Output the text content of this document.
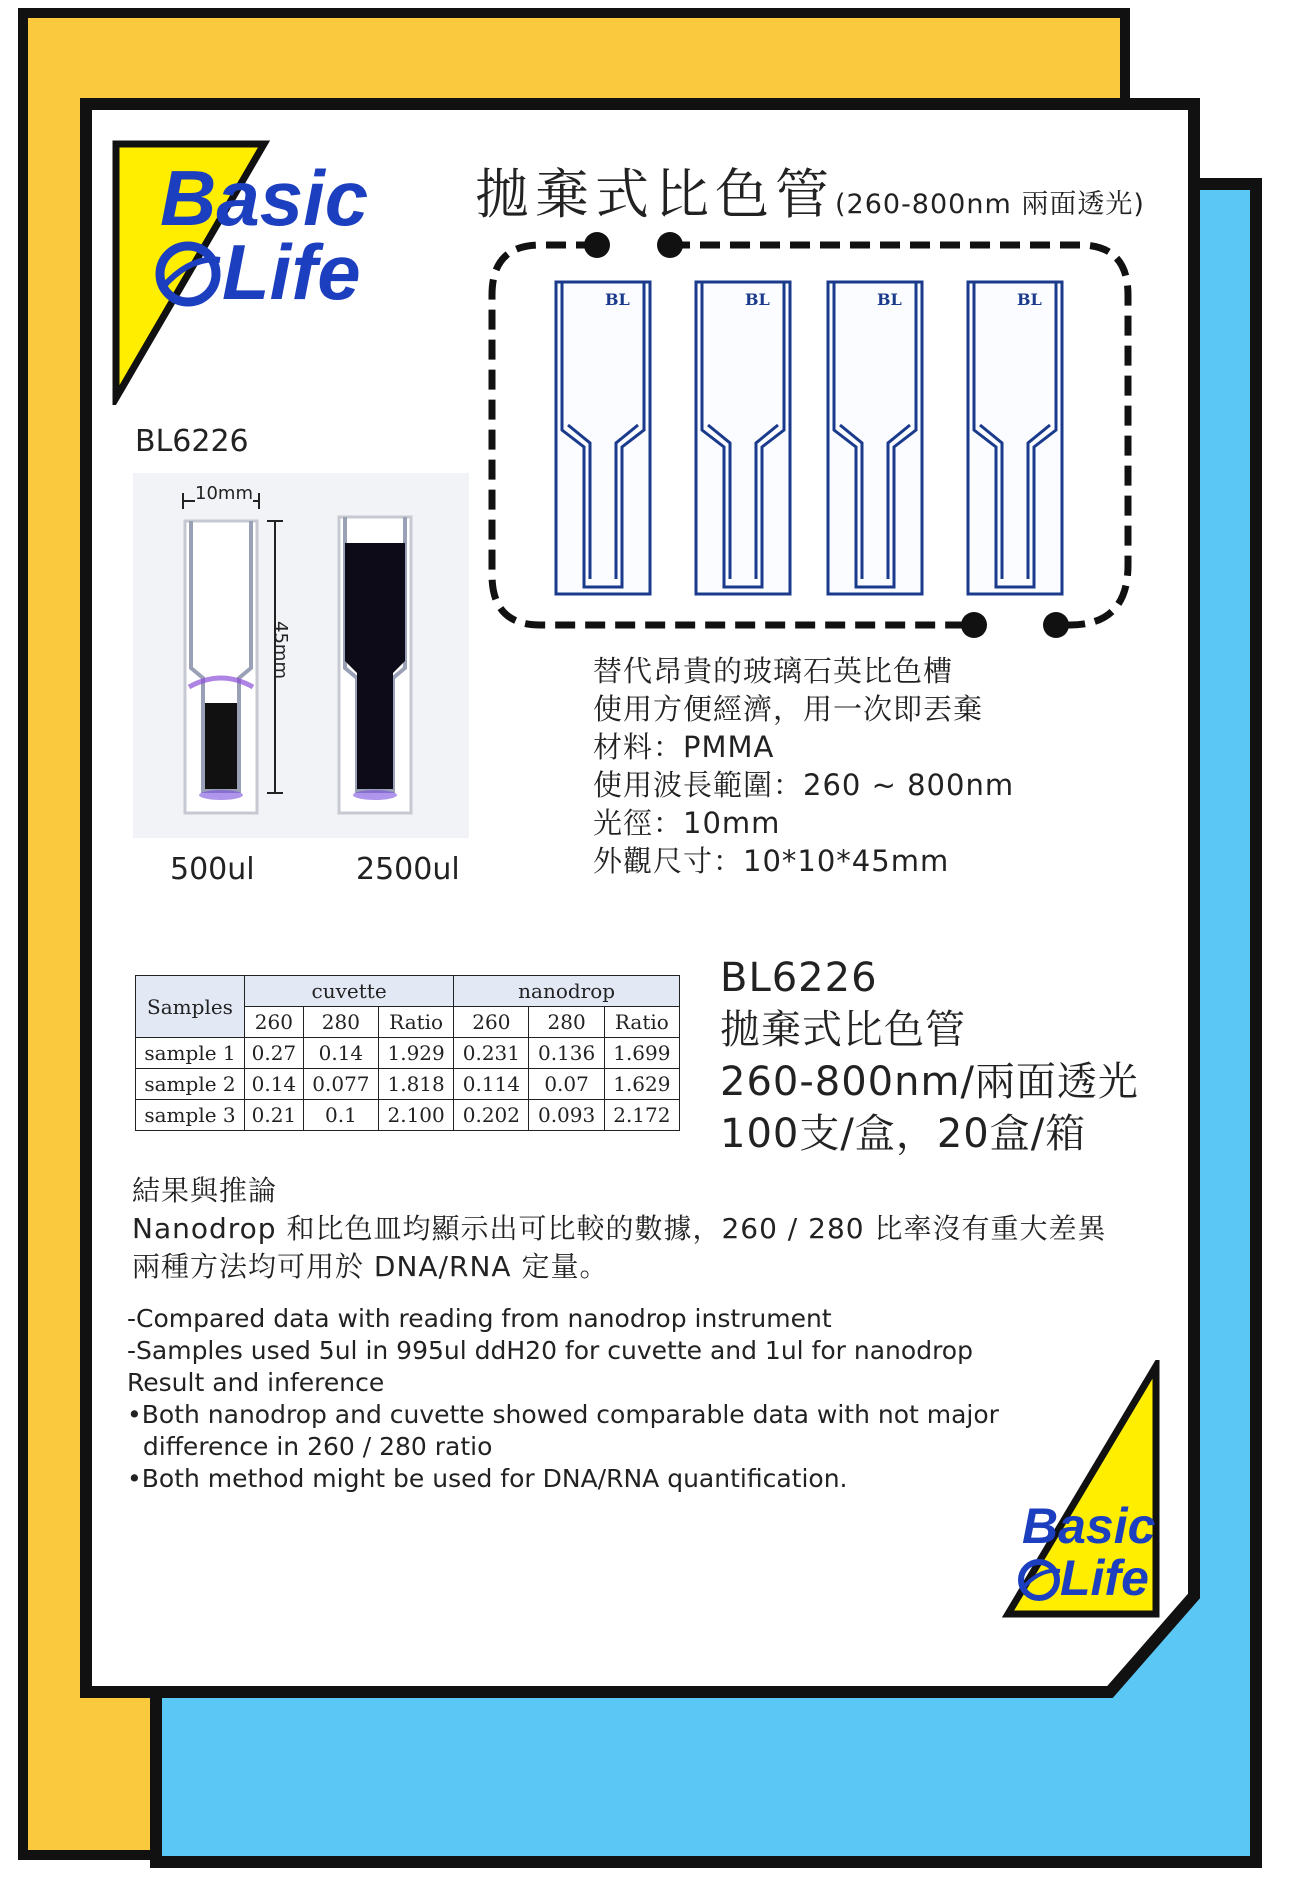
Basic
Life
拋棄式比色管(260-800nm 兩面透光)
BL6226
10mm
45mm
500ul	2500ul
BL	BL	BL	BL
替代昂貴的玻璃石英比色槽
使用方便經濟，用一次即丟棄
材料：PMMA
使用波長範圍：260 ~ 800nm
光徑：10mm
外觀尺寸：10*10*45mm
Samples	cuvette			nanodrop		
	260	280	Ratio	260	280	Ratio
sample 1	0.27	0.14	1.929	0.231	0.136	1.699
sample 2	0.14	0.077	1.818	0.114	0.07	1.629
sample 3	0.21	0.1	2.100	0.202	0.093	2.172
BL6226
拋棄式比色管
260-800nm/兩面透光
100支/盒，20盒/箱
結果與推論
Nanodrop 和比色皿均顯示出可比較的數據，260 / 280 比率沒有重大差異
兩種方法均可用於 DNA/RNA 定量。
-Compared data with reading from nanodrop instrument
-Samples used 5ul in 995ul ddH20 for cuvette and 1ul for nanodrop
Result and inference
•Both nanodrop and cuvette showed comparable data with not major
difference in 260 / 280 ratio
•Both method might be used for DNA/RNA quantification.
Basic
Life
